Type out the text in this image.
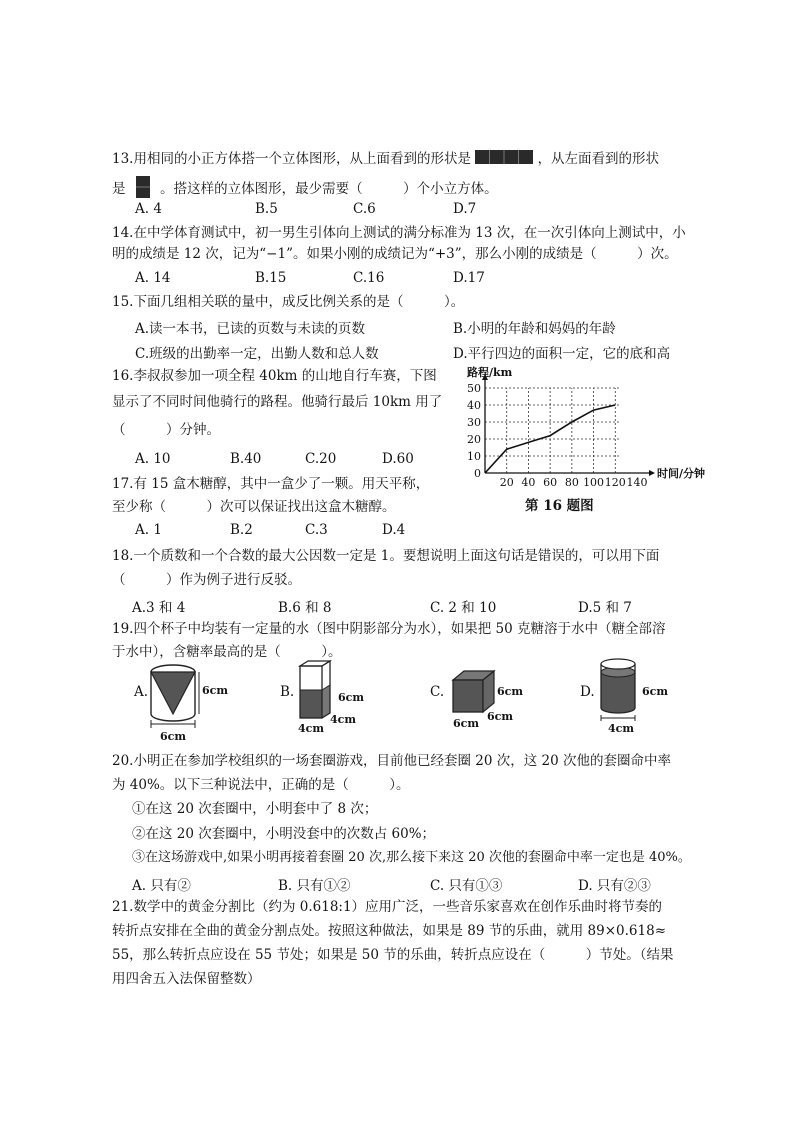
13.用相同的小正方体搭一个立体图形，从上面看到的形状是	，从左面看到的形状
是	。搭这样的立体图形，最少需要（　　　）个小立方体。
A. 4	B.5	C.6	D.7
14.在中学体育测试中，初一男生引体向上测试的满分标准为 13 次，在一次引体向上测试中，小
明的成绩是 12 次，记为“−1”。如果小刚的成绩记为“+3”，那么小刚的成绩是（　　　）次。
A. 14	B.15	C.16	D.17
15.下面几组相关联的量中，成反比例关系的是（　　　）。
A.读一本书，已读的页数与未读的页数	B.小明的年龄和妈妈的年龄
C.班级的出勤率一定，出勤人数和总人数	D.平行四边的面积一定，它的底和高
16.李叔叔参加一项全程 40km 的山地自行车赛，下图
显示了不同时间他骑行的路程。他骑行最后 10km 用了
（　　　）分钟。
A. 10	B.40	C.20	D.60
20 40 60 80 100 120 140
10
20
30
40
50
0
路程/km
时间/分钟
第 16 题图
17.有 15 盒木糖醇，其中一盒少了一颗。用天平称，
至少称（　　　）次可以保证找出这盒木糖醇。
A. 1	B.2	C.3	D.4
18.一个质数和一个合数的最大公因数一定是 1。要想说明上面这句话是错误的，可以用下面
（　　　）作为例子进行反驳。
A.3 和 4	B.6 和 8	C. 2 和 10	D.5 和 7
19.四个杯子中均装有一定量的水（图中阴影部分为水），如果把 50 克糖溶于水中（糖全部溶
于水中），含糖率最高的是（　　　）。
A.	6cm
6cm
B.	6cm
4cm
4cm
C.	6cm
6cm
6cm
D.	6cm
4cm
20.小明正在参加学校组织的一场套圈游戏，目前他已经套圈 20 次，这 20 次他的套圈命中率
为 40%。以下三种说法中，正确的是（　　　）。
①在这 20 次套圈中，小明套中了 8 次；
②在这 20 次套圈中，小明没套中的次数占 60%；
③在这场游戏中,如果小明再接着套圈 20 次,那么接下来这 20 次他的套圈命中率一定也是 40%。
A. 只有②	B. 只有①②	C. 只有①③	D. 只有②③
21.数学中的黄金分割比（约为 0.618:1）应用广泛，一些音乐家喜欢在创作乐曲时将节奏的
转折点安排在全曲的黄金分割点处。按照这种做法，如果是 89 节的乐曲，就用 89×0.618≈
55，那么转折点应设在 55 节处；如果是 50 节的乐曲，转折点应设在（　　　）节处。（结果
用四舍五入法保留整数）
